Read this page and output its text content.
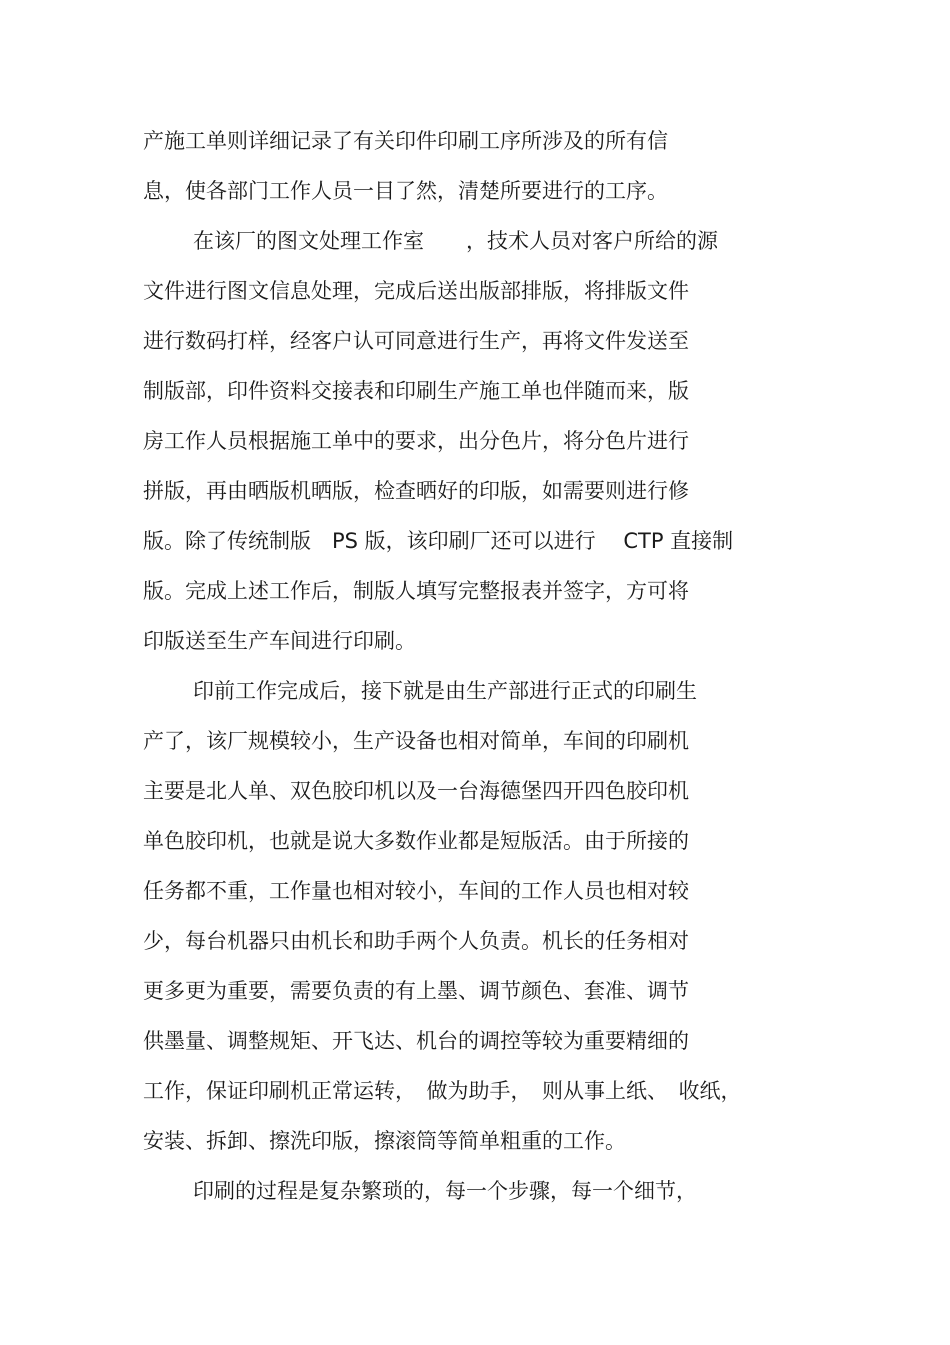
产施工单则详细记录了有关印件印刷工序所涉及的所有信
息，使各部门工作人员一目了然，清楚所要进行的工序。
在该厂的图文处理工作室　　，技术人员对客户所给的源
文件进行图文信息处理，完成后送出版部排版，将排版文件
进行数码打样，经客户认可同意进行生产，再将文件发送至
制版部，印件资料交接表和印刷生产施工单也伴随而来，版
房工作人员根据施工单中的要求，出分色片，将分色片进行
拼版，再由晒版机晒版，检查晒好的印版，如需要则进行修
版。除了传统制版　PS 版，该印刷厂还可以进行　 CTP 直接制
版。完成上述工作后，制版人填写完整报表并签字，方可将
印版送至生产车间进行印刷。
印前工作完成后，接下就是由生产部进行正式的印刷生
产了，该厂规模较小，生产设备也相对简单，车间的印刷机
主要是北人单、双色胶印机以及一台海德堡四开四色胶印机
单色胶印机，也就是说大多数作业都是短版活。由于所接的
任务都不重，工作量也相对较小，车间的工作人员也相对较
少，每台机器只由机长和助手两个人负责。机长的任务相对
更多更为重要，需要负责的有上墨、调节颜色、套准、调节
供墨量、调整规矩、开飞达、机台的调控等较为重要精细的
工作，保证印刷机正常运转，　做为助手，　则从事上纸、　收纸，
安装、拆卸、擦洗印版，擦滚筒等简单粗重的工作。
印刷的过程是复杂繁琐的，每一个步骤，每一个细节，
